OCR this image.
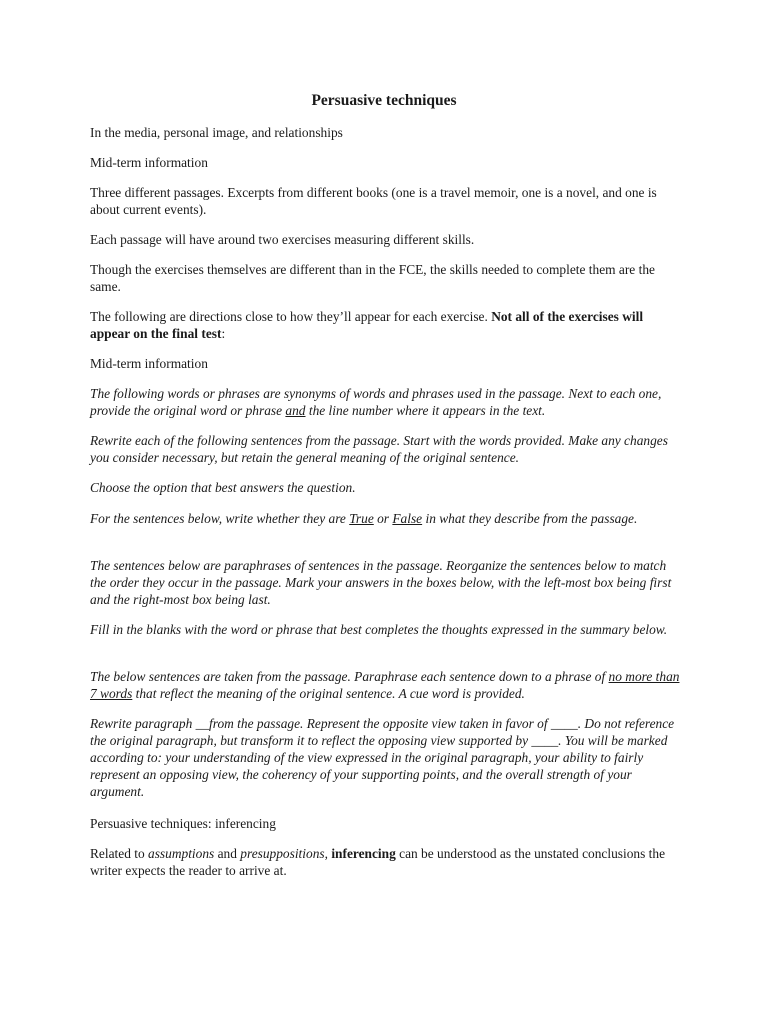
Persuasive techniques

In the media, personal image, and relationships

Mid-term information

Three different passages. Excerpts from different books (one is a travel memoir, one is a novel, and one is about current events).

Each passage will have around two exercises measuring different skills.

Though the exercises themselves are different than in the FCE, the skills needed to complete them are the same.

The following are directions close to how they’ll appear for each exercise. Not all of the exercises will appear on the final test:

Mid-term information

The following words or phrases are synonyms of words and phrases used in the passage. Next to each one, provide the original word or phrase and the line number where it appears in the text.

Rewrite each of the following sentences from the passage. Start with the words provided. Make any changes you consider necessary, but retain the general meaning of the original sentence.

Choose the option that best answers the question.

For the sentences below, write whether they are True or False in what they describe from the passage.

The sentences below are paraphrases of sentences in the passage. Reorganize the sentences below to match the order they occur in the passage. Mark your answers in the boxes below, with the left-most box being first and the right-most box being last.

Fill in the blanks with the word or phrase that best completes the thoughts expressed in the summary below.

The below sentences are taken from the passage. Paraphrase each sentence down to a phrase of no more than 7 words that reflect the meaning of the original sentence. A cue word is provided.

Rewrite paragraph __from the passage. Represent the opposite view taken in favor of ____. Do not reference the original paragraph, but transform it to reflect the opposing view supported by ____. You will be marked according to: your understanding of the view expressed in the original paragraph, your ability to fairly represent an opposing view, the coherency of your supporting points, and the overall strength of your argument.

Persuasive techniques: inferencing

Related to assumptions and presuppositions, inferencing can be understood as the unstated conclusions the writer expects the reader to arrive at.
